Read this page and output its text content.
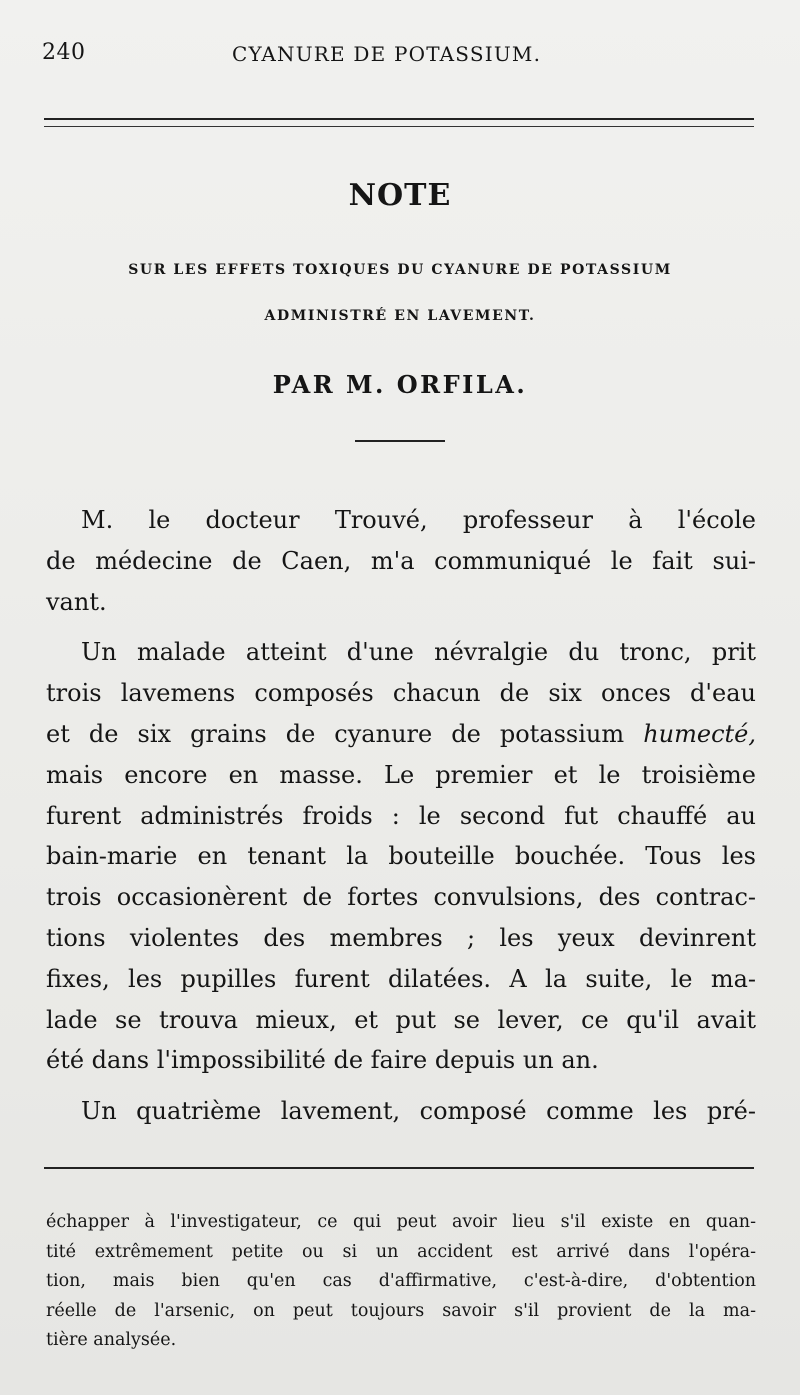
240	CYANURE DE POTASSIUM.
NOTE
SUR LES EFFETS TOXIQUES DU CYANURE DE POTASSIUM
ADMINISTRÉ EN LAVEMENT.
PAR M. ORFILA.

M. le docteur Trouvé, professeur à l'école
de médecine de Caen, m'a communiqué le fait sui-
vant.

Un malade atteint d'une névralgie du tronc, prit
trois lavemens composés chacun de six onces d'eau
et de six grains de cyanure de potassium humecté,
mais encore en masse. Le premier et le troisième
furent administrés froids : le second fut chauffé au
bain-marie en tenant la bouteille bouchée. Tous les
trois occasionèrent de fortes convulsions, des contrac-
tions violentes des membres ; les yeux devinrent
fixes, les pupilles furent dilatées. A la suite, le ma-
lade se trouva mieux, et put se lever, ce qu'il avait
été dans l'impossibilité de faire depuis un an.

Un quatrième lavement, composé comme les pré-

échapper à l'investigateur, ce qui peut avoir lieu s'il existe en quan-
tité extrêmement petite ou si un accident est arrivé dans l'opéra-
tion, mais bien qu'en cas d'affirmative, c'est-à-dire, d'obtention
réelle de l'arsenic, on peut toujours savoir s'il provient de la ma-
tière analysée.
